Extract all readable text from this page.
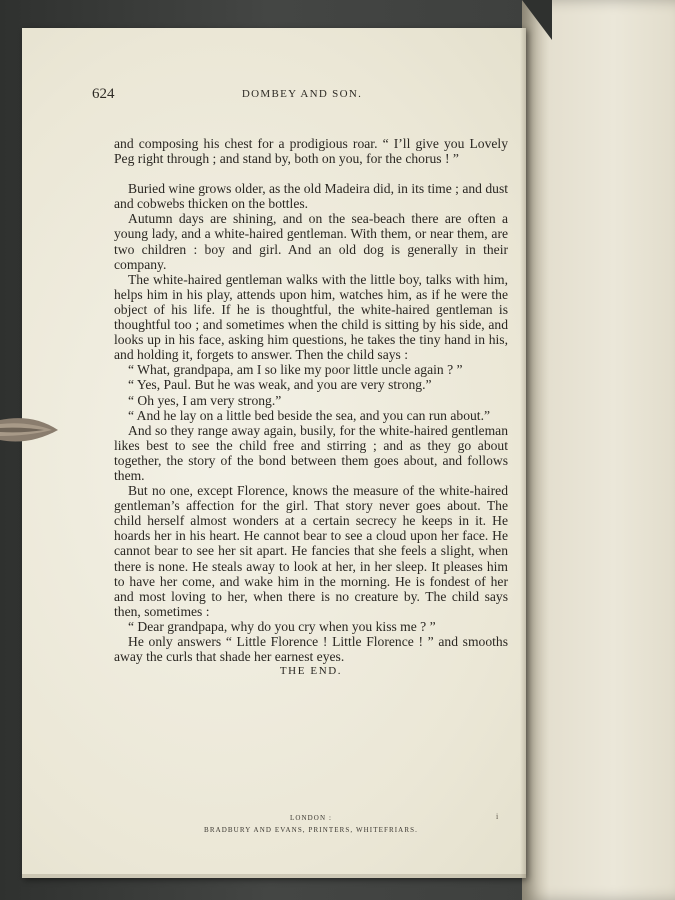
624	DOMBEY AND SON.

and composing his chest for a prodigious roar. “ I’ll give you Lovely Peg right through ; and stand by, both on you, for the chorus ! ”

Buried wine grows older, as the old Madeira did, in its time ; and dust and cobwebs thicken on the bottles.

Autumn days are shining, and on the sea-beach there are often a young lady, and a white-haired gentleman. With them, or near them, are two children : boy and girl. And an old dog is generally in their company.

The white-haired gentleman walks with the little boy, talks with him, helps him in his play, attends upon him, watches him, as if he were the object of his life. If he is thoughtful, the white-haired gentleman is thoughtful too ; and sometimes when the child is sitting by his side, and looks up in his face, asking him questions, he takes the tiny hand in his, and holding it, forgets to answer. Then the child says :

“ What, grandpapa, am I so like my poor little uncle again ? ”

“ Yes, Paul. But he was weak, and you are very strong.”

“ Oh yes, I am very strong.”

“ And he lay on a little bed beside the sea, and you can run about.”

And so they range away again, busily, for the white-haired gentleman likes best to see the child free and stirring ; and as they go about together, the story of the bond between them goes about, and follows them.

But no one, except Florence, knows the measure of the white-haired gentleman’s affection for the girl. That story never goes about. The child herself almost wonders at a certain secrecy he keeps in it. He hoards her in his heart. He cannot bear to see a cloud upon her face. He cannot bear to see her sit apart. He fancies that she feels a slight, when there is none. He steals away to look at her, in her sleep. It pleases him to have her come, and wake him in the morning. He is fondest of her and most loving to her, when there is no creature by. The child says then, sometimes :

“ Dear grandpapa, why do you cry when you kiss me ? ”

He only answers “ Little Florence ! Little Florence ! ” and smooths away the curls that shade her earnest eyes.

THE END.
LONDON :
BRADBURY AND EVANS, PRINTERS, WHITEFRIARS.
i
